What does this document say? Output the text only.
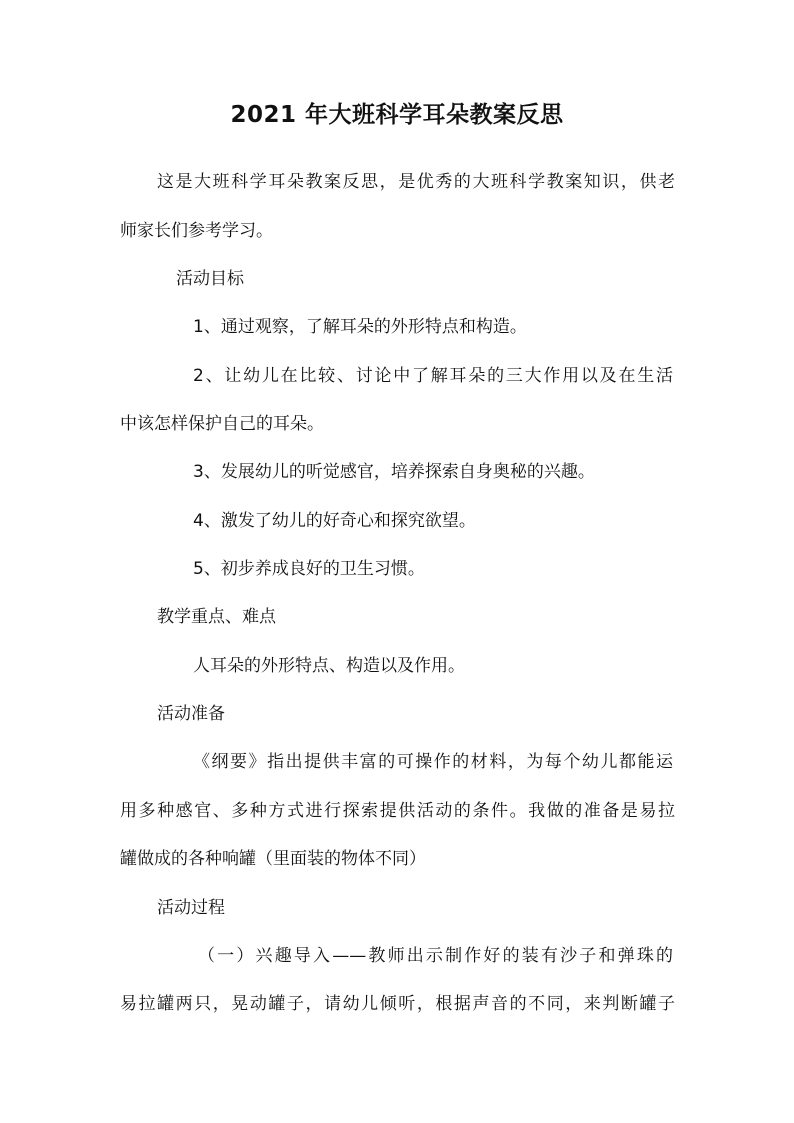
2021 年大班科学耳朵教案反思
这是大班科学耳朵教案反思，是优秀的大班科学教案知识，供老
师家长们参考学习。
活动目标
1、通过观察，了解耳朵的外形特点和构造。
2、让幼儿在比较、讨论中了解耳朵的三大作用以及在生活
中该怎样保护自己的耳朵。
3、发展幼儿的听觉感官，培养探索自身奥秘的兴趣。
4、激发了幼儿的好奇心和探究欲望。
5、初步养成良好的卫生习惯。
教学重点、难点
人耳朵的外形特点、构造以及作用。
活动准备
《纲要》指出提供丰富的可操作的材料，为每个幼儿都能运
用多种感官、多种方式进行探索提供活动的条件。我做的准备是易拉
罐做成的各种响罐（里面装的物体不同）
活动过程
（一）兴趣导入——教师出示制作好的装有沙子和弹珠的
易拉罐两只，晃动罐子，请幼儿倾听，根据声音的不同，来判断罐子
